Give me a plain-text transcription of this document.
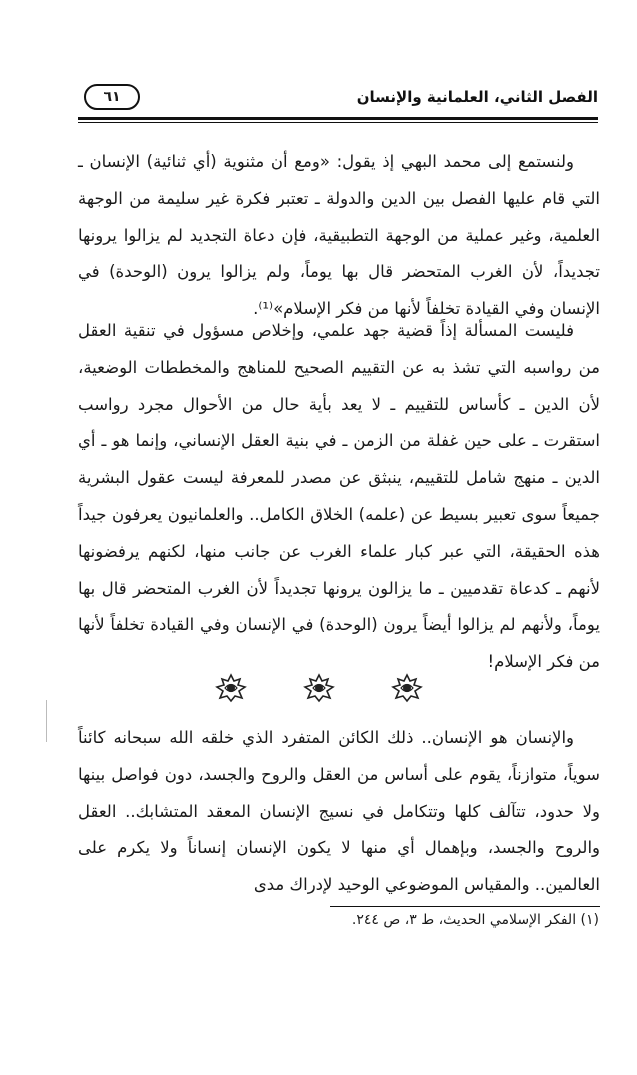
٦١	الفصل الثاني، العلمانية والإنسان

ولنستمع إلى محمد البهي إذ يقول: «ومع أن مثنوية (أي ثنائية) الإنسان ـ التي قام عليها الفصل بين الدين والدولة ـ تعتبر فكرة غير سليمة من الوجهة العلمية، وغير عملية من الوجهة التطبيقية، فإن دعاة التجديد لم يزالوا يرونها تجديداً، لأن الغرب المتحضر قال بها يوماً، ولم يزالوا يرون (الوحدة) في الإنسان وفي القيادة تخلفاً لأنها من فكر الإسلام»⁽¹⁾.

فليست المسألة إذاً قضية جهد علمي، وإخلاص مسؤول في تنقية العقل من رواسبه التي تشذ به عن التقييم الصحيح للمناهج والمخططات الوضعية، لأن الدين ـ كأساس للتقييم ـ لا يعد بأية حال من الأحوال مجرد رواسب استقرت ـ على حين غفلة من الزمن ـ في بنية العقل الإنساني، وإنما هو ـ أي الدين ـ منهج شامل للتقييم، ينبثق عن مصدر للمعرفة ليست عقول البشرية جميعاً سوى تعبير بسيط عن (علمه) الخلاق الكامل.. والعلمانيون يعرفون جيداً هذه الحقيقة، التي عبر كبار علماء الغرب عن جانب منها، لكنهم يرفضونها لأنهم ـ كدعاة تقدميين ـ ما يزالون يرونها تجديداً لأن الغرب المتحضر قال بها يوماً، ولأنهم لم يزالوا أيضاً يرون (الوحدة) في الإنسان وفي القيادة تخلفاً لأنها من فكر الإسلام!

والإنسان هو الإنسان.. ذلك الكائن المتفرد الذي خلقه الله سبحانه كائناً سوياً، متوازناً، يقوم على أساس من العقل والروح والجسد، دون فواصل بينها ولا حدود، تتآلف كلها وتتكامل في نسيج الإنسان المعقد المتشابك.. العقل والروح والجسد، وبإهمال أي منها لا يكون الإنسان إنساناً ولا يكرم على العالمين.. والمقياس الموضوعي الوحيد لإدراك مدى

(١) الفكر الإسلامي الحديث، ط ٣، ص ٢٤٤.
